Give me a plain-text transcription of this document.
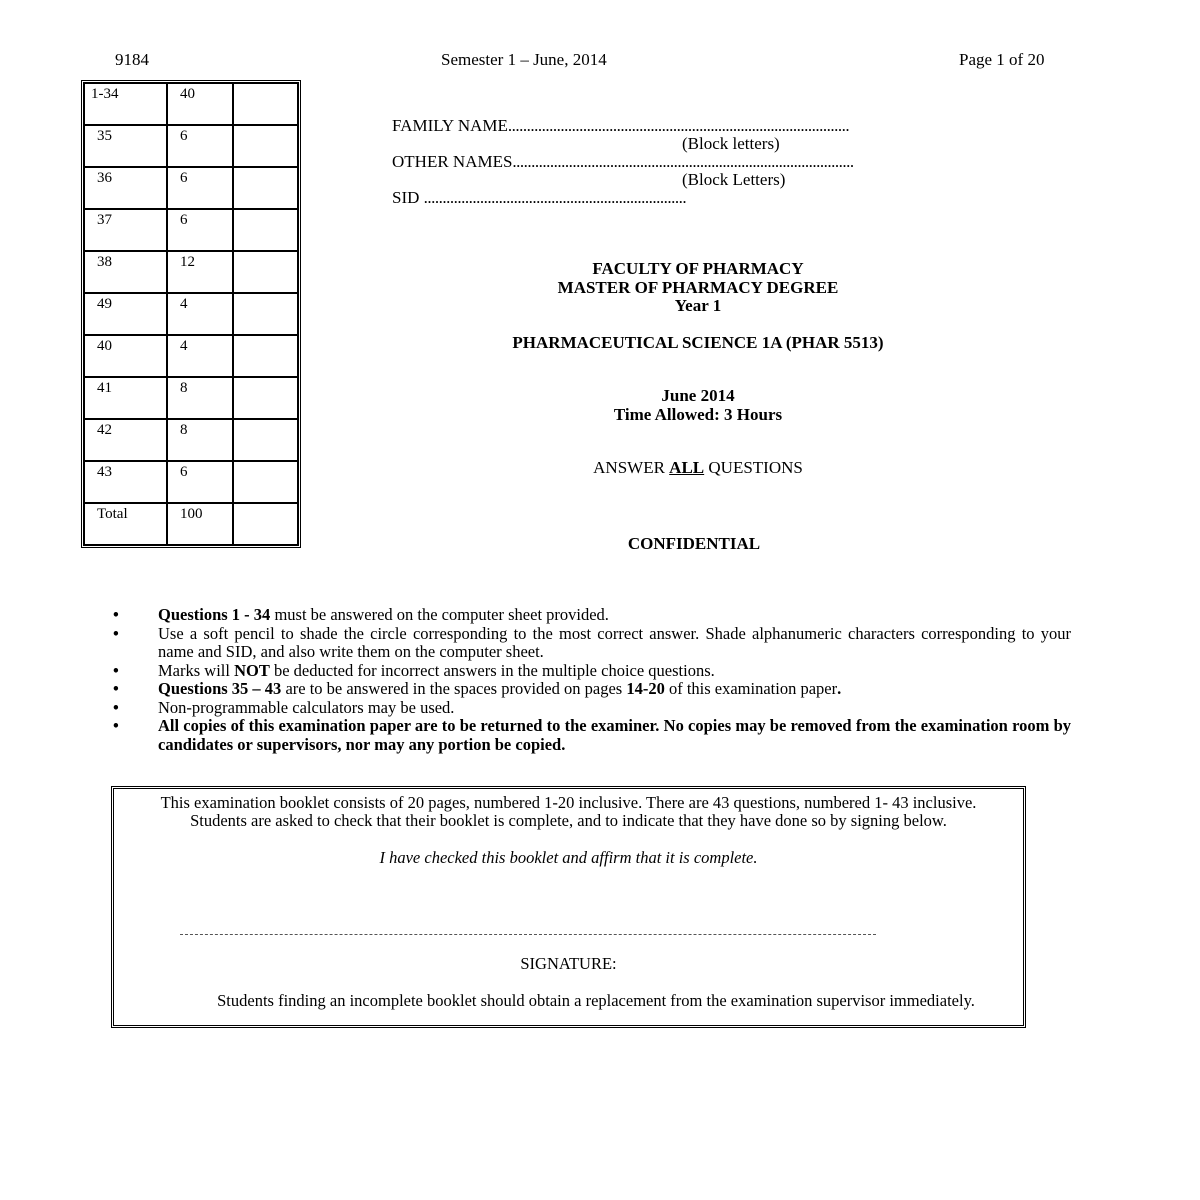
9184	Semester 1 – June, 2014	Page 1 of 20
1-34	40	
35	6	
36	6	
37	6	
38	12	
49	4	
40	4	
41	8	
42	8	
43	6	
Total	100	
FAMILY NAME...........................................................................................
(Block letters)
OTHER NAMES...........................................................................................
(Block Letters)
SID ......................................................................
FACULTY OF PHARMACY
MASTER OF PHARMACY DEGREE
Year 1
PHARMACEUTICAL SCIENCE 1A (PHAR 5513)
June 2014
Time Allowed: 3 Hours
ANSWER ALL QUESTIONS
CONFIDENTIAL
•	Questions 1 - 34 must be answered on the computer sheet provided.
•	Use a soft pencil to shade the circle corresponding to the most correct answer. Shade alphanumeric characters corresponding to your name and SID, and also write them on the computer sheet.
•	Marks will NOT be deducted for incorrect answers in the multiple choice questions.
•	Questions 35 – 43 are to be answered in the spaces provided on pages 14-20 of this examination paper.
•	Non-programmable calculators may be used.
•	All copies of this examination paper are to be returned to the examiner. No copies may be removed from the examination room by candidates or supervisors, nor may any portion be copied.
This examination booklet consists of 20 pages, numbered 1-20 inclusive. There are 43 questions, numbered 1- 43 inclusive. Students are asked to check that their booklet is complete, and to indicate that they have done so by signing below.
I have checked this booklet and affirm that it is complete.
SIGNATURE:
Students finding an incomplete booklet should obtain a replacement from the examination supervisor immediately.
